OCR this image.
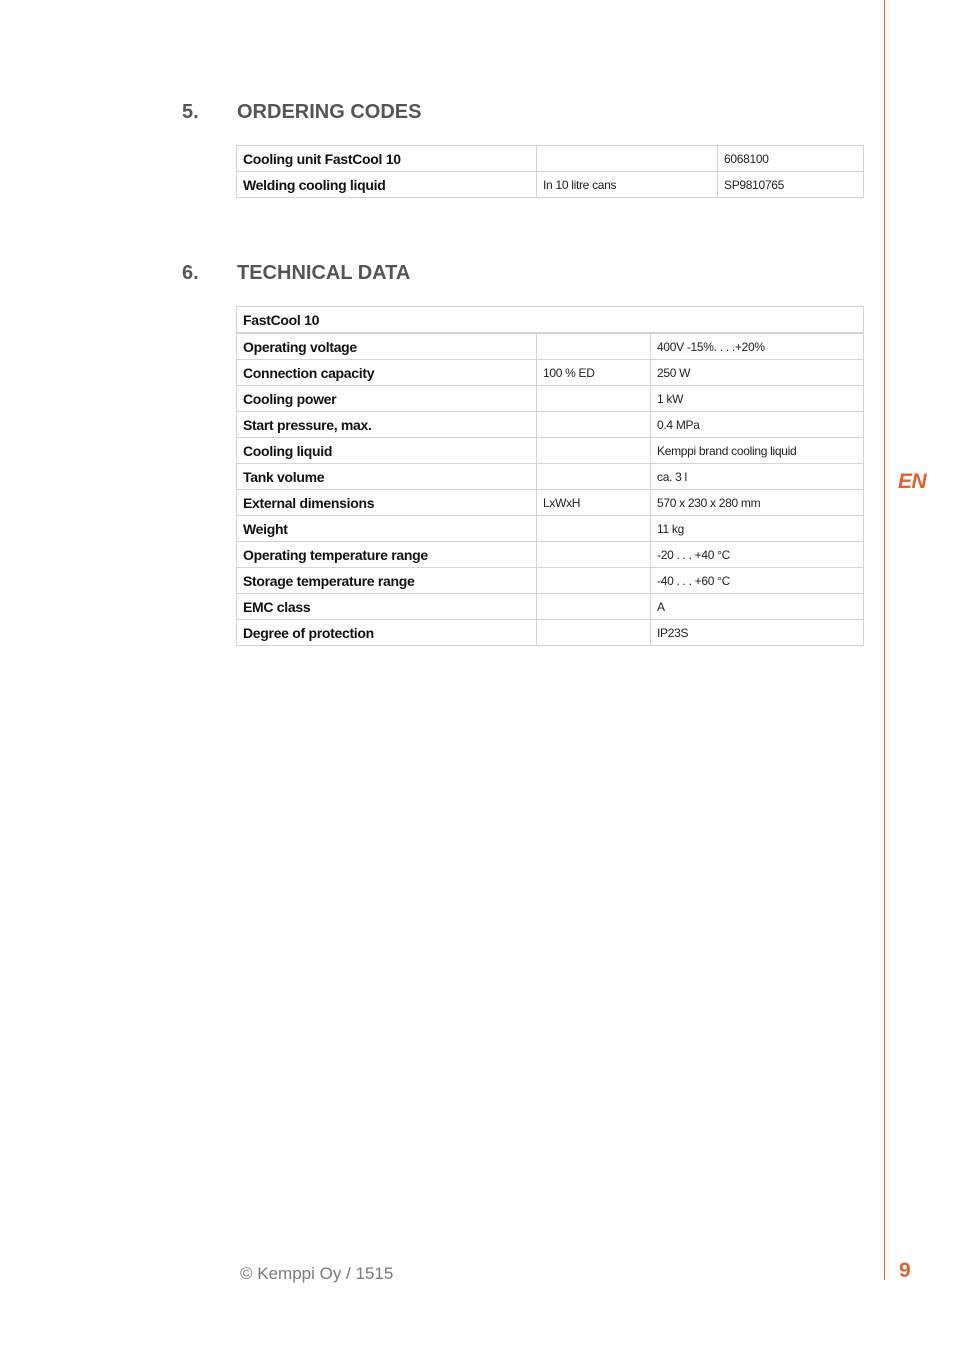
EN
9
5.	ORDERING CODES
Cooling unit FastCool 10		6068100
Welding cooling liquid	In 10 litre cans	SP9810765
6.	TECHNICAL DATA
FastCool 10		
Operating voltage		400V -15%. . . .+20%
Connection capacity	100 % ED	250 W
Cooling power		1 kW
Start pressure, max.		0.4 MPa
Cooling liquid		Kemppi brand cooling liquid
Tank volume		ca. 3 l
External dimensions	LxWxH	570 x 230 x 280 mm
Weight		11 kg
Operating temperature range		-20 . . . +40 °C
Storage temperature range		-40 . . . +60 °C
EMC class		A
Degree of protection		IP23S
© Kemppi Oy / 1515
